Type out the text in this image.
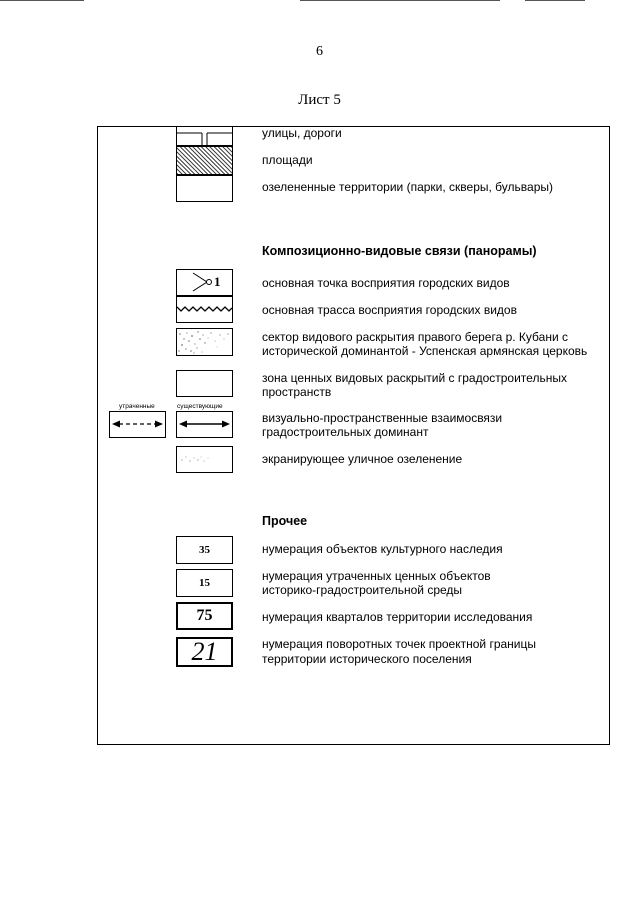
6
Лист 5
улицы, дороги
площади
озелененные территории (парки, скверы, бульвары)
Композиционно-видовые связи (панорамы)
1	основная точка восприятия городских видов
основная трасса восприятия городских видов
сектор видового раскрытия правого берега р. Кубани с
исторической доминантой - Успенская армянская церковь
зона ценных видовых раскрытий с градостроительных
пространств
утраченные	существующие
визуально-пространственные взаимосвязи
градостроительных доминант
экранирующее уличное озеленение
Прочее
35	нумерация объектов культурного наследия
15	нумерация утраченных ценных объектов
историко-градостроительной среды
75	нумерация кварталов территории исследования
21	нумерация поворотных точек проектной границы
территории исторического поселения
